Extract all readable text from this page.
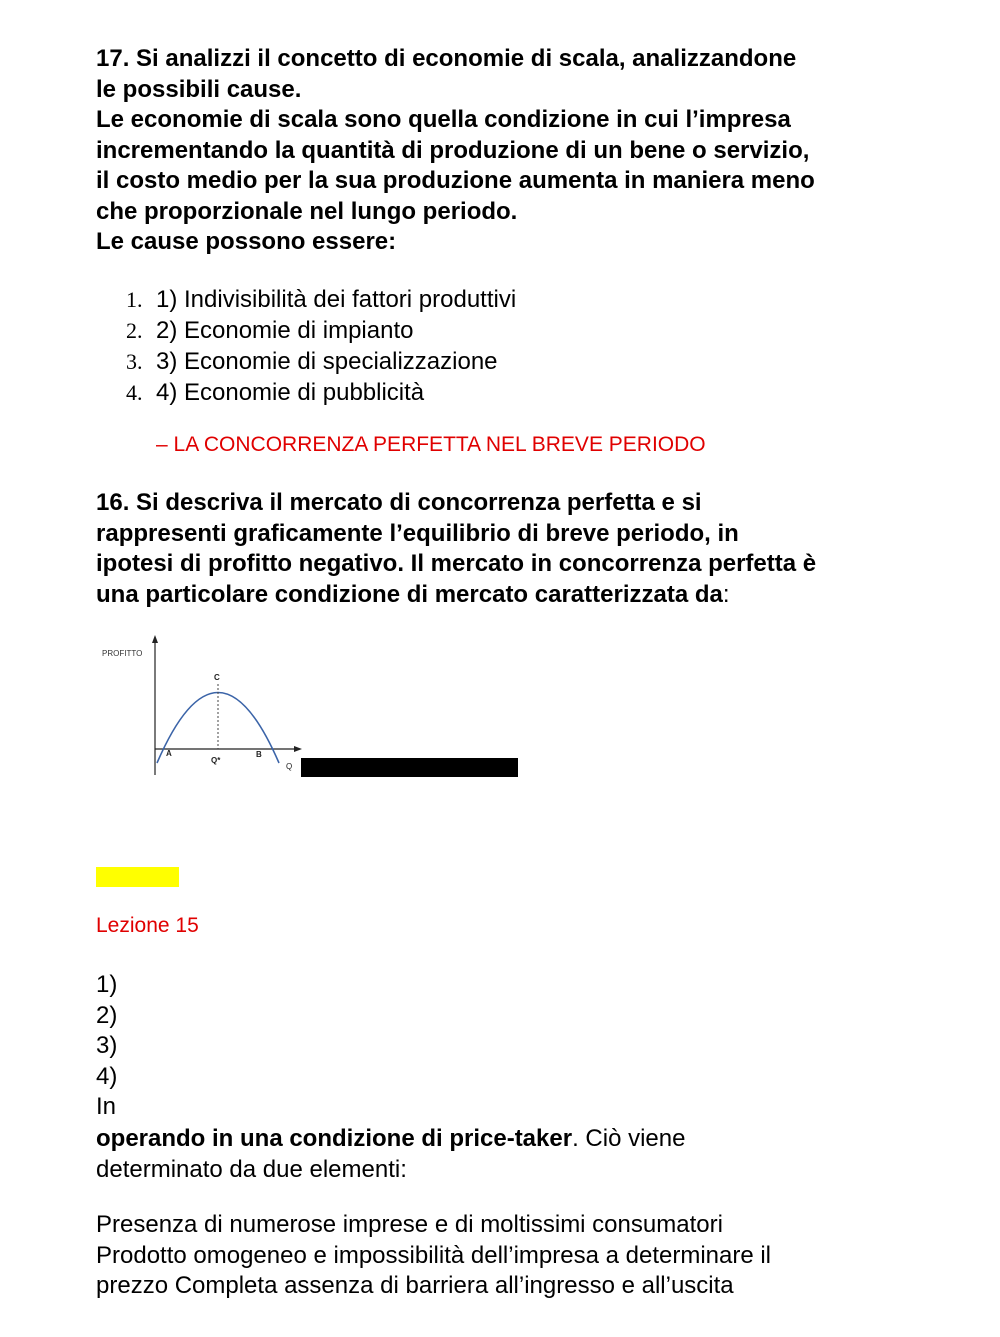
17. Si analizzi il concetto di economie di scala, analizzandone

le possibili cause.

Le economie di scala sono quella condizione in cui l’impresa

incrementando la quantità di produzione di un bene o servizio,

il costo medio per la sua produzione aumenta in maniera meno

che proporzionale nel lungo periodo.

Le cause possono essere:

1. 1) Indivisibilità dei fattori produttivi
2. 2) Economie di impianto
3. 3) Economie di specializzazione
4. 4) Economie di pubblicità
– LA CONCORRENZA PERFETTA NEL BREVE PERIODO

16. Si descriva il mercato di concorrenza perfetta e si

rappresenti graficamente l’equilibrio di breve periodo, in

ipotesi di profitto negativo. Il mercato in concorrenza perfetta è

una particolare condizione di mercato caratterizzata da:

PROFITTO
C
A	B
Q*
Q
Lezione 15

1)

2)

3)

4)

In

operando in una condizione di price-taker. Ciò viene

determinato da due elementi:

Presenza di numerose imprese e di moltissimi consumatori

Prodotto omogeneo e impossibilità dell’impresa a determinare il

prezzo Completa assenza di barriera all’ingresso e all’uscita
